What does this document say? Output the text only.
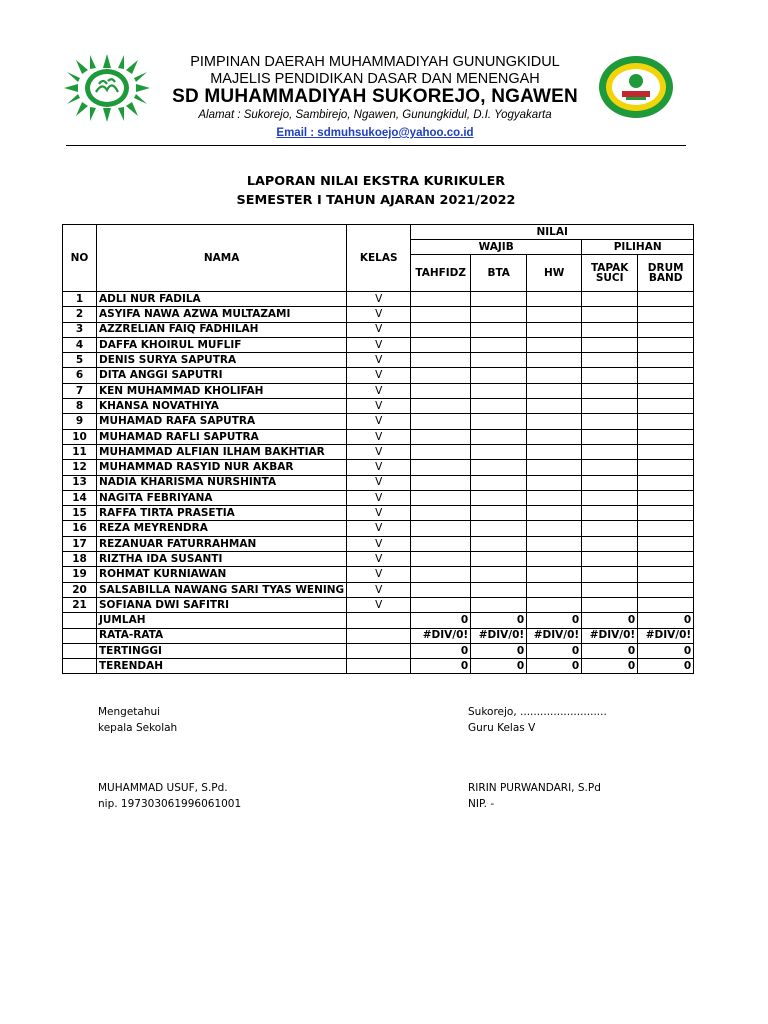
PIMPINAN DAERAH MUHAMMADIYAH GUNUNGKIDUL
MAJELIS PENDIDIKAN DASAR DAN MENENGAH
SD MUHAMMADIYAH SUKOREJO, NGAWEN
Alamat : Sukorejo, Sambirejo, Ngawen, Gunungkidul, D.I. Yogyakarta
Email : sdmuhsukoejo@yahoo.co.id
LAPORAN NILAI EKSTRA KURIKULER
SEMESTER I TAHUN AJARAN 2021/2022
NO	NAMA	KELAS	NILAI				
			WAJIB			PILIHAN	
			TAHFIDZ	BTA	HW	TAPAK SUCI	DRUM BAND
1	ADLI NUR FADILA	V					
2	ASYIFA NAWA AZWA MULTAZAMI	V					
3	AZZRELIAN FAIQ FADHILAH	V					
4	DAFFA KHOIRUL MUFLIF	V					
5	DENIS SURYA SAPUTRA	V					
6	DITA ANGGI SAPUTRI	V					
7	KEN MUHAMMAD KHOLIFAH	V					
8	KHANSA NOVATHIYA	V					
9	MUHAMAD RAFA SAPUTRA	V					
10	MUHAMAD RAFLI SAPUTRA	V					
11	MUHAMMAD ALFIAN ILHAM BAKHTIAR	V					
12	MUHAMMAD RASYID NUR AKBAR	V					
13	NADIA KHARISMA NURSHINTA	V					
14	NAGITA FEBRIYANA	V					
15	RAFFA TIRTA PRASETIA	V					
16	REZA MEYRENDRA	V					
17	REZANUAR FATURRAHMAN	V					
18	RIZTHA IDA SUSANTI	V					
19	ROHMAT KURNIAWAN	V					
20	SALSABILLA NAWANG SARI TYAS WENING	V					
21	SOFIANA DWI SAFITRI	V					
	JUMLAH		0	0	0	0	0
	RATA-RATA		#DIV/0!	#DIV/0!	#DIV/0!	#DIV/0!	#DIV/0!
	TERTINGGI		0	0	0	0	0
	TERENDAH		0	0	0	0	0
Mengetahui
kepala Sekolah
MUHAMMAD USUF, S.Pd.
nip. 197303061996061001
Sukorejo, ..........................
Guru Kelas V
RIRIN PURWANDARI, S.Pd
NIP. -
